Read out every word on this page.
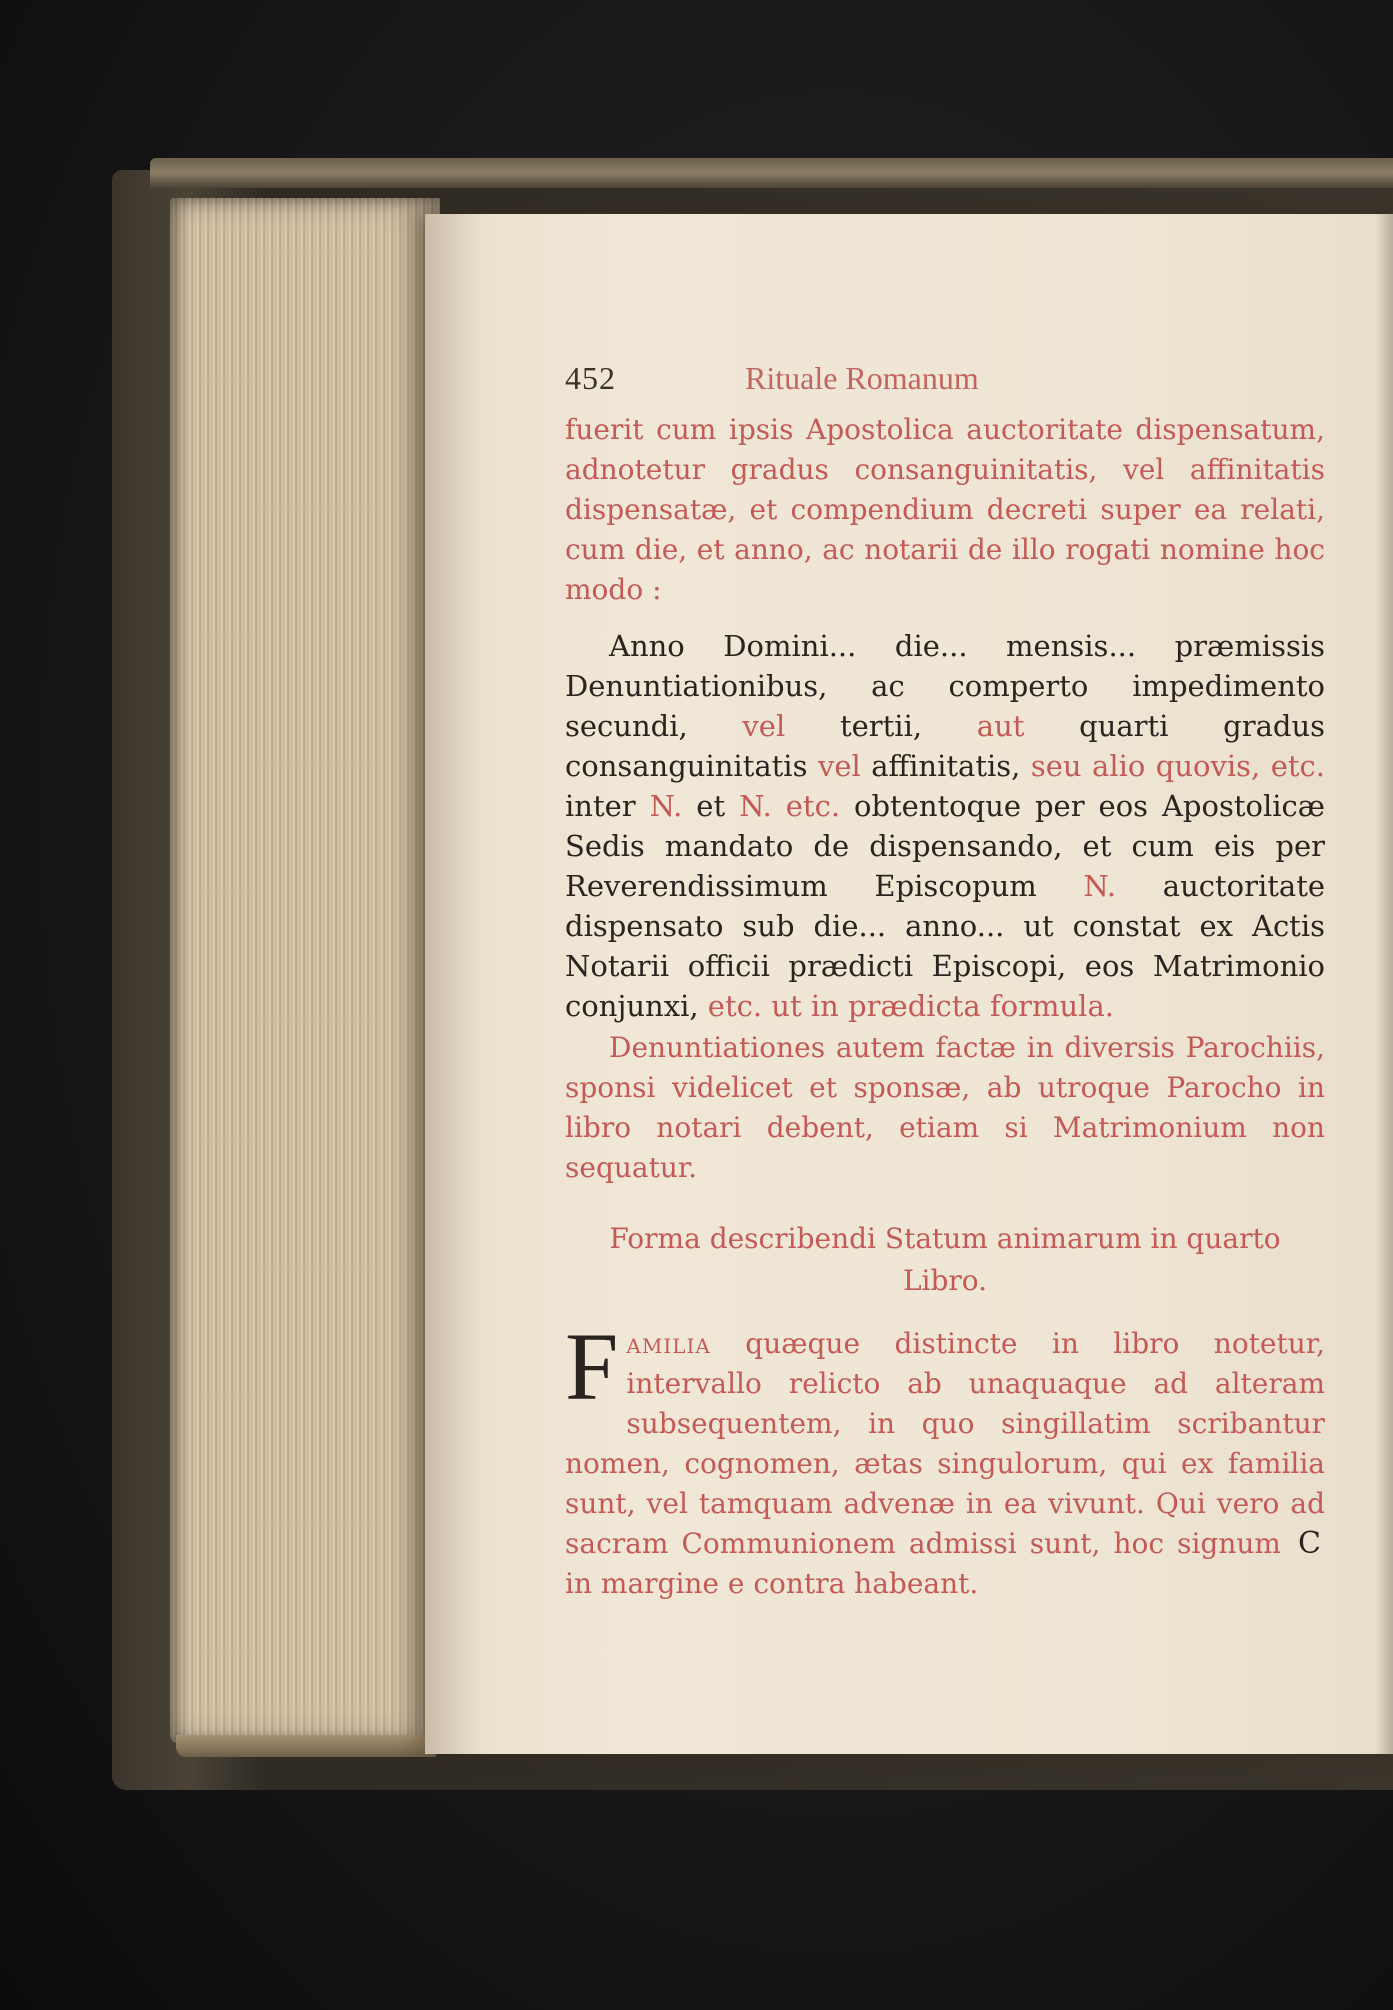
452	Rituale Romanum

fuerit cum ipsis Apostolica auctoritate dispensatum, adnotetur gradus consanguinitatis, vel affinitatis dispensatæ, et compendium decreti super ea relati, cum die, et anno, ac notarii de illo rogati nomine hoc modo :

Anno Domini... die... mensis... præmissis Denuntiationibus, ac comperto impedimento secundi, vel tertii, aut quarti gradus consanguinitatis vel affinitatis, seu alio quovis, etc. inter N. et N. etc. obtentoque per eos Apostolicæ Sedis mandato de dispensando, et cum eis per Reverendissimum Episcopum N. auctoritate dispensato sub die... anno... ut constat ex Actis Notarii officii prædicti Episcopi, eos Matrimonio conjunxi, etc. ut in prædicta formula.

Denuntiationes autem factæ in diversis Parochiis, sponsi videlicet et sponsæ, ab utroque Parocho in libro notari debent, etiam si Matrimonium non sequatur.

Forma describendi Statum animarum in quarto Libro.

Familia quæque distincte in libro notetur, intervallo relicto ab unaquaque ad alteram subsequentem, in quo singillatim scribantur nomen, cognomen, ætas singulorum, qui ex familia sunt, vel tamquam advenæ in ea vivunt. Qui vero ad sacram Communionem admissi sunt, hoc signum C in margine e contra habeant.
